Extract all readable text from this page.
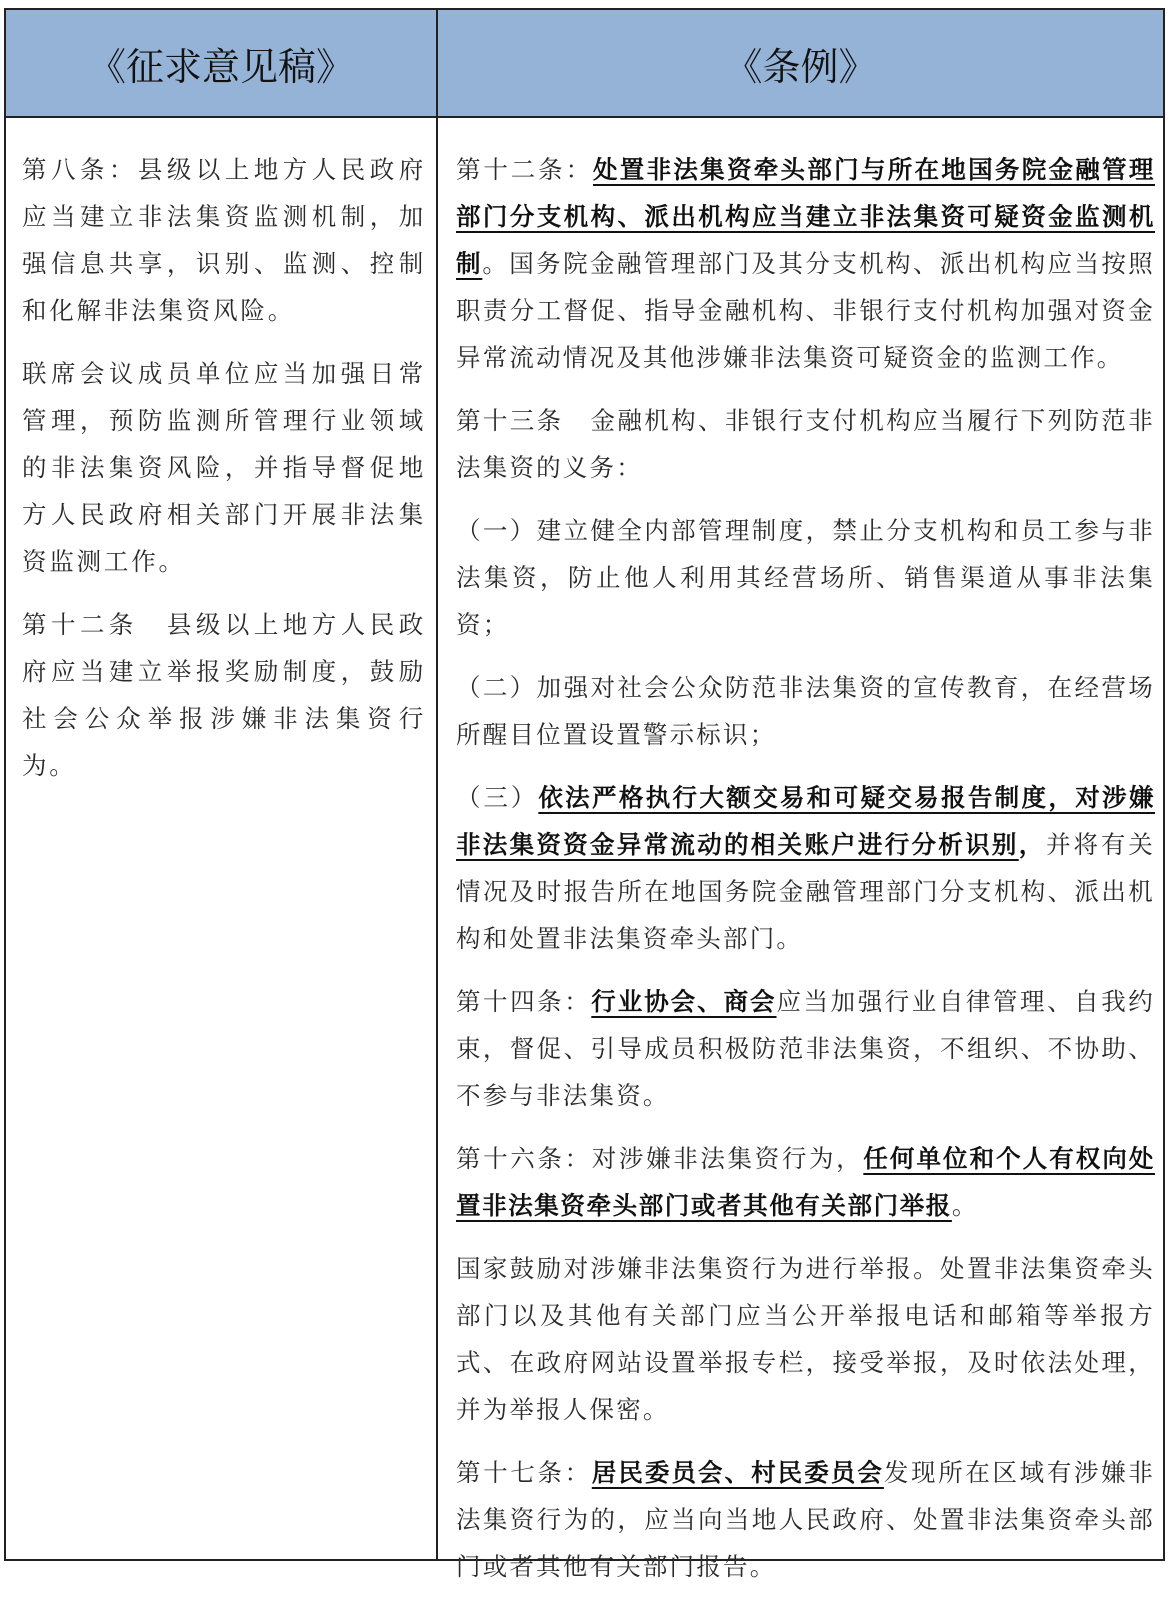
《征求意见稿》	《条例》

第八条：县级以上地方人民政府应当建立非法集资监测机制，加强信息共享，识别、监测、控制和化解非法集资风险。

联席会议成员单位应当加强日常管理，预防监测所管理行业领域的非法集资风险，并指导督促地方人民政府相关部门开展非法集资监测工作。

第十二条　县级以上地方人民政府应当建立举报奖励制度，鼓励社会公众举报涉嫌非法集资行为。

第十二条：处置非法集资牵头部门与所在地国务院金融管理部门分支机构、派出机构应当建立非法集资可疑资金监测机制。国务院金融管理部门及其分支机构、派出机构应当按照职责分工督促、指导金融机构、非银行支付机构加强对资金异常流动情况及其他涉嫌非法集资可疑资金的监测工作。

第十三条　金融机构、非银行支付机构应当履行下列防范非法集资的义务：

（一）建立健全内部管理制度，禁止分支机构和员工参与非法集资，防止他人利用其经营场所、销售渠道从事非法集资；

（二）加强对社会公众防范非法集资的宣传教育，在经营场所醒目位置设置警示标识；

（三）依法严格执行大额交易和可疑交易报告制度，对涉嫌非法集资资金异常流动的相关账户进行分析识别，并将有关情况及时报告所在地国务院金融管理部门分支机构、派出机构和处置非法集资牵头部门。

第十四条：行业协会、商会应当加强行业自律管理、自我约束，督促、引导成员积极防范非法集资，不组织、不协助、不参与非法集资。

第十六条：对涉嫌非法集资行为，任何单位和个人有权向处置非法集资牵头部门或者其他有关部门举报。

国家鼓励对涉嫌非法集资行为进行举报。处置非法集资牵头部门以及其他有关部门应当公开举报电话和邮箱等举报方式、在政府网站设置举报专栏，接受举报，及时依法处理，并为举报人保密。

第十七条：居民委员会、村民委员会发现所在区域有涉嫌非法集资行为的，应当向当地人民政府、处置非法集资牵头部门或者其他有关部门报告。
